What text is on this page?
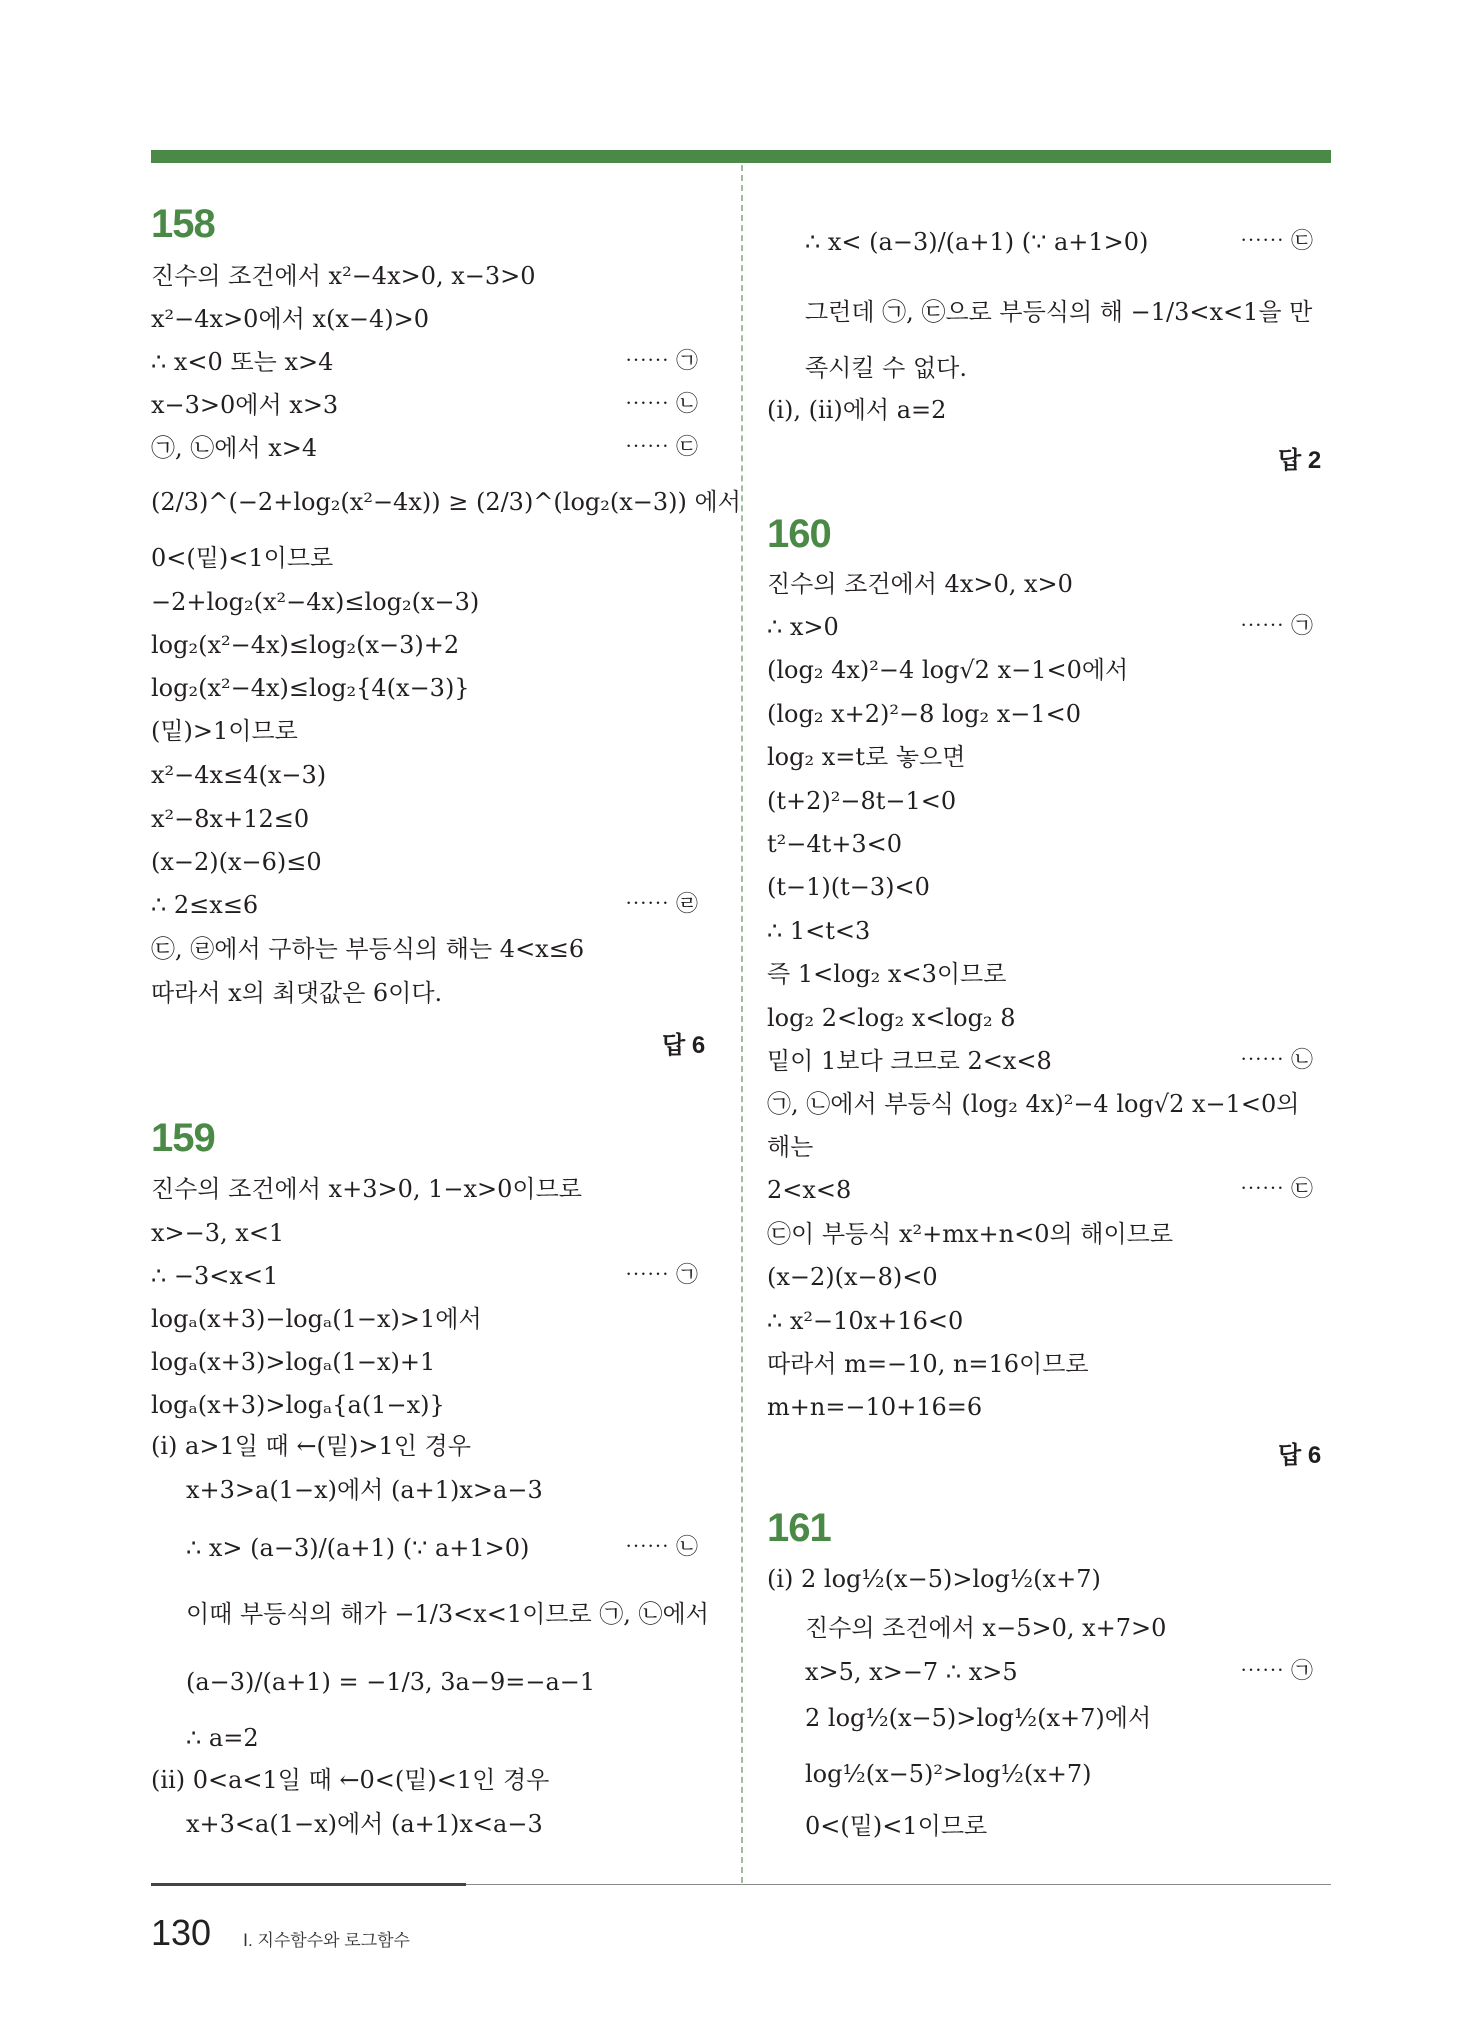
158
진수의 조건에서 x²−4x>0, x−3>0
x²−4x>0에서 x(x−4)>0
∴ x<0 또는 x>4	⋯⋯ ㉠
x−3>0에서 x>3	⋯⋯ ㉡
㉠, ㉡에서 x>4	⋯⋯ ㉢
(2/3)^(−2+log₂(x²−4x)) ≥ (2/3)^(log₂(x−3)) 에서
0<(밑)<1이므로
−2+log₂(x²−4x)≤log₂(x−3)
log₂(x²−4x)≤log₂(x−3)+2
log₂(x²−4x)≤log₂{4(x−3)}
(밑)>1이므로
x²−4x≤4(x−3)
x²−8x+12≤0
(x−2)(x−6)≤0
∴ 2≤x≤6	⋯⋯ ㉣
㉢, ㉣에서 구하는 부등식의 해는 4<x≤6
따라서 x의 최댓값은 6이다.
답 6
159
진수의 조건에서 x+3>0, 1−x>0이므로
x>−3, x<1
∴ −3<x<1	⋯⋯ ㉠
logₐ(x+3)−logₐ(1−x)>1에서
logₐ(x+3)>logₐ(1−x)+1
logₐ(x+3)>logₐ{a(1−x)}
(ⅰ) a>1일 때 ←(밑)>1인 경우
x+3>a(1−x)에서 (a+1)x>a−3
∴ x> (a−3)/(a+1) (∵ a+1>0)	⋯⋯ ㉡
이때 부등식의 해가 −1/3<x<1이므로 ㉠, ㉡에서
(a−3)/(a+1) = −1/3, 3a−9=−a−1
∴ a=2
(ⅱ) 0<a<1일 때 ←0<(밑)<1인 경우
x+3<a(1−x)에서 (a+1)x<a−3
∴ x< (a−3)/(a+1) (∵ a+1>0)	⋯⋯ ㉢
그런데 ㉠, ㉢으로 부등식의 해 −1/3<x<1을 만
족시킬 수 없다.
(ⅰ), (ⅱ)에서 a=2
답 2
160
진수의 조건에서 4x>0, x>0
∴ x>0	⋯⋯ ㉠
(log₂ 4x)²−4 log√2 x−1<0에서
(log₂ x+2)²−8 log₂ x−1<0
log₂ x=t로 놓으면
(t+2)²−8t−1<0
t²−4t+3<0
(t−1)(t−3)<0
∴ 1<t<3
즉 1<log₂ x<3이므로
log₂ 2<log₂ x<log₂ 8
밑이 1보다 크므로 2<x<8	⋯⋯ ㉡
㉠, ㉡에서 부등식 (log₂ 4x)²−4 log√2 x−1<0의
해는
2<x<8	⋯⋯ ㉢
㉢이 부등식 x²+mx+n<0의 해이므로
(x−2)(x−8)<0
∴ x²−10x+16<0
따라서 m=−10, n=16이므로
m+n=−10+16=6
답 6
161
(ⅰ) 2 log½(x−5)>log½(x+7)
진수의 조건에서 x−5>0, x+7>0
x>5, x>−7 ∴ x>5	⋯⋯ ㉠
2 log½(x−5)>log½(x+7)에서
log½(x−5)²>log½(x+7)
0<(밑)<1이므로
130 Ⅰ. 지수함수와 로그함수
